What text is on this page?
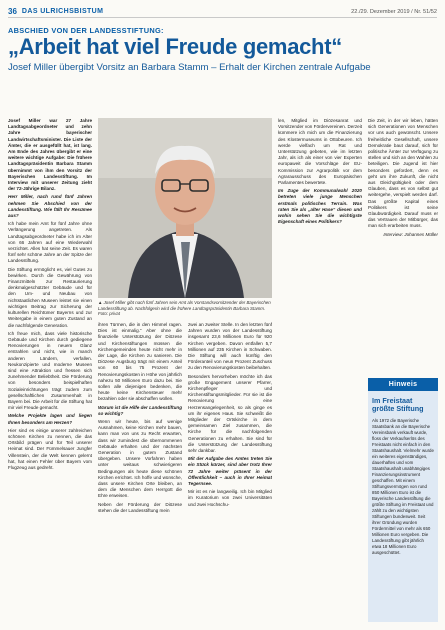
36 DAS ULRICHSBISTUM	22./29. Dezember 2019 / Nr. 51/52
ABSCHIED VON DER LANDESSTIFTUNG:
„Arbeit hat viel Freude gemacht“
Josef Miller übergibt Vorsitz an Barbara Stamm – Erhalt der Kirchen zentrale Aufgabe

Josef Miller war 27 Jahre Landtagsabgeordneter und zehn Jahre bayerischer Landwirtschaftsminister. Die Liste der Ämter, die er ausgefüllt hat, ist lang. Am Ende des Jahres übergibt er eine weitere wichtige Aufgabe: Die frühere Landtagspräsidentin Barbara Stamm übernimmt von ihm den Vorsitz der Bayerischen Landesstiftung. Im Interview mit unserer Zeitung zieht der 72-Jährige Bilanz.

Herr Miller, nach rund fünf Jahren nehmen Sie Abschied von der Landesstiftung. Wie fällt Ihr Resümee aus?

Ich habe mein Amt für fünf Jahre ohne Verlängerung angetreten. Als Landtagsabgeordneter habe ich im Alter von 66 Jahren auf eine Wiederwahl verzichtet. Alles hat seine Zeit. Es waren fünf sehr schöne Jahre an der Spitze der Landesstiftung.

Die Stiftung ermöglicht es, viel Gutes zu bewirken. Durch die Gewährung von Finanzmitteln zur Restaurierung denkmalgeschützter Gebäude und für den Um- und Neubau von nichtstaatlichen Museen leistet sie einen wichtigen Beitrag zur Sicherung der kulturellen Reichtümer Bayerns und zur Weitergabe in einem guten Zustand an die nachfolgende Generation.

Ich freue mich, dass viele historische Gebäude und Kirchen durch gediegene Renovierungen in neuem Glanz erstrahlen und nicht, wie in manch anderen Ländern, verfallen. Neukonzipierte und moderne Museen sind eine Attraktion und fressen sich zunehmender Beliebtheit. Die Förderung von besonders beispielhaften Sozialeinrichtungen trägt zudem zum gesellschaftlichen Zusammenhalt in Bayern bei. Die Arbeit für die Stiftung hat mir viel Freude gemacht.

Welche Projekte lagen und liegen Ihnen besonders am Herzen?

Hier sind es einige unserer zahlreichen schönen Kirchen zu nennen, die das Ortsbild prägen und für Teil unserer Heimat sind. Der Fümmelsauer Jungfer Villenstein, der die Welt kennen gelernt hat, hat einen Fehler über Bayern vom Flugzeug aus gedreht.

▲ Josef Miller gibt nach fünf Jahren sein Amt als Vorstandsvorsitzender der Bayerischen Landesstiftung ab. Nachfolgerin wird die frühere Landtagspräsidentin Barbara Stamm. Foto: privat

ihren Türmen, die in den Himmel ragen. Dies ist einmalig.“ Aber ohne die finanzielle Unterstützung der Diözese und Kirchenstiftungen müssen die Kirchengemeinden heute nicht mehr in der Lage, die Kirchen zu sanieren. Die Diözese Augsburg trägt mit einem Anteil von 60 bis 75 Prozent der Renovierungskosten in Höhe von jährlich nahezu 50 Millionen Euro dazu bei. Sie sollen alle diejenigen bedenken, die heute keine Kirchensteuer mehr bezahlen oder sie abschaffen wollen.

Warum ist die Hilfe der Landesstiftung so wichtig?

Wenn wir heute, bis auf wenige Ausnahmen, keine Kirchen mehr bauen, kann man von uns zu Recht erwarten, dass wir zumindest die übernommenen Gebäude erhalten und der nächsten Generation in gutem Zustand übergeben. Unsere Vorfahren haben unter weitaus schwierigeren Bedingungen als heute diese schönen Kirchen errichtet. Ich hoffe und wünsche, dass unsere Kirchen Orte bleiben, an dem die Menschen dem Herrgott die Ehre erweisen.

Neben der Förderung der Diözese stehen die der Landesstiftung mein

zwei an zweiter Stelle. In den letzten fünf Jahren wurden von der Landesstiftung insgesamt 23,6 Millionen Euro für 920 Kirchen vergeben. Davon entfallen 5,7 Millionen auf 235 Kirchen in Schwaben. Die Stiftung will auch künftig den Förderanteil von neun Prozent Zuschuss zu den Renovierungskosten beibehalten.

Besonders hervorheben möchte ich das große Engagement unserer Pfarrer, Kirchenpfleger und Kirchenstiftungsmitglieder. Für sie ist die Renovierung eine Herzensangelegenheit, so als ginge es um ihr eigenes Haus. Sie schweißt die Mitglieder der Ortskirche in dem gemeinsamen Ziel zusammen, die Kirche für die nachfolgenden Generationen zu erhalten. Sie sind für die Unterstützung der Landesstiftung sehr dankbar.

Mit der Aufgabe des Amtes treten Sie ein Stück kürzer, sind aber trotz Ihrer 72 Jahre weiter präsent in der Öffentlichkeit – auch in Ihrer Heimat Tegernsee.

Mir ist es nie langweilig. Ich bin Mitglied im Kuratorium von zwei Universitäten und zwei Hochschu-

len, Mitglied im Diözesanrat und Vorsitzender von Fördervereinen. Derzeit kümmere ich mich um die Finanzierung des Klostermuseums in Ottobeuren. Ich werde vielfach um Rat und Unterstützung gebeten, wie im letzten Jahr, als ich als einer von vier Experten europaweit die Vorschläge der EU-Kommission zur Agrarpolitik vor dem Agrarausschuss des Europäischen Parlamentes bewertete.

Im Zuge der Kommunalwahl 2020 betreten viele junge Menschen erstmals politisches Terrain. Was raten Sie als „alter Hase“ diesen und wohin sehen Sie die wichtigste Eigenschaft eines Politikers?

Die Zeit, in der wir leben, hätten sich Generationen von Menschen vor uns auch gewünscht. Unsere freiheitliche Gesellschaft, unsere Demokratie baut darauf, sich für politische Ämter zur Verfügung zu stellen und sich an den Wahlen zu beteiligen. Die Jugend ist hier besonders gefordert, denn es geht um ihre Zukunft, die nicht aus Gleichgültigkeit oder dem Glauben, dass es von selbst gut weitergehe, verspielt werden darf. Das größte Kapital eines Politikers ist seine Glaubwürdigkeit. Darauf muss er das Vertrauen der Mitbürger, das man sich erarbeiten muss.

Interview: Johannes Müller

Hinweis
Im Freistaat größte Stiftung
Als 1972 die Bayerische Staatsbank an die Bayerische Vereinsbank verkauft wurde, floss der Verkaufserlös des Freistaats nicht einfach in den Staatshaushalt. Vielmehr wurde ein weiteres eigenständiges, dauerhaftes und vom Staatshaushalt unabhängiges Finanzierungsinstrument geschaffen. Mit einem Stiftungsvermögen von rund 850 Millionen Euro ist die Bayerische Landesstiftung die größte Stiftung im Freistaat und zählt zu den wichtigsten Stiftungen bundesweit. Seit ihrer Gründung wurden Fördermittel von mehr als 650 Millionen Euro vergeben. Die Landesstiftung gibt jährlich etwa 18 Millionen Euro ausgeschüttet.
